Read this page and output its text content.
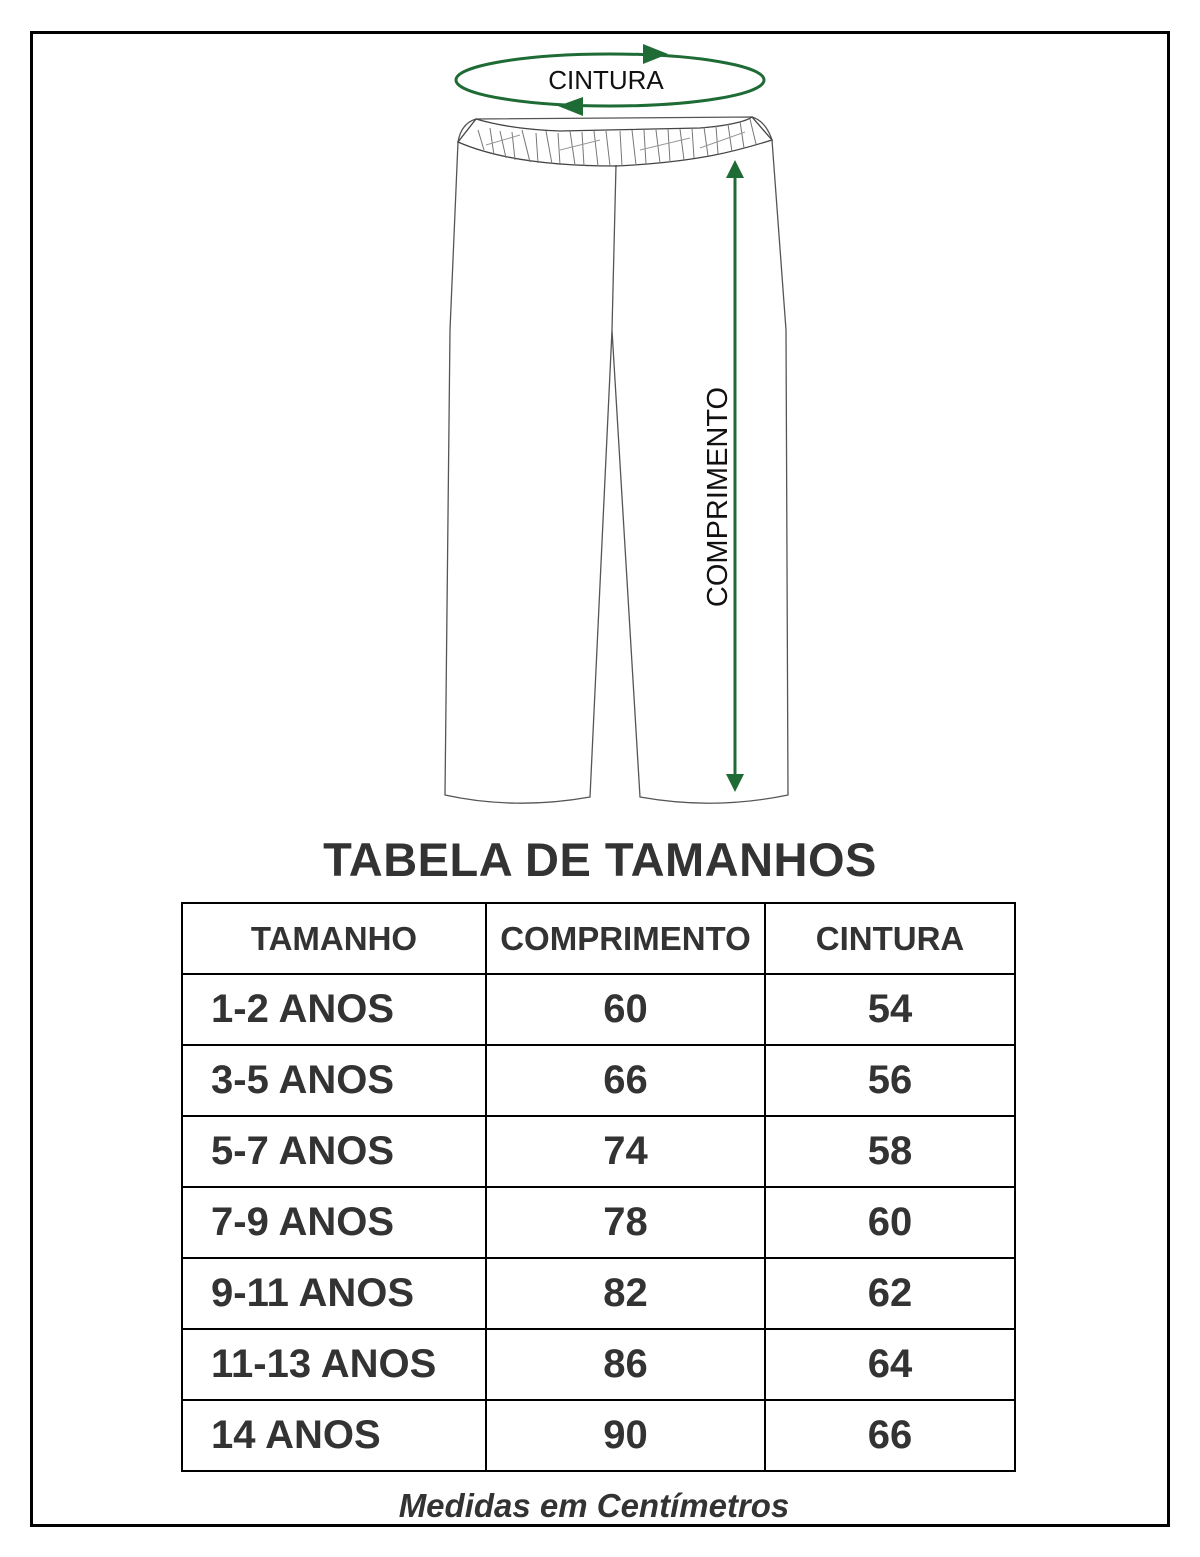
CINTURA
COMPRIMENTO
TABELA DE TAMANHOS
TAMANHO	COMPRIMENTO	CINTURA
1-2 ANOS	60	54
3-5 ANOS	66	56
5-7 ANOS	74	58
7-9 ANOS	78	60
9-11 ANOS	82	62
11-13 ANOS	86	64
14 ANOS	90	66
Medidas em Centímetros
